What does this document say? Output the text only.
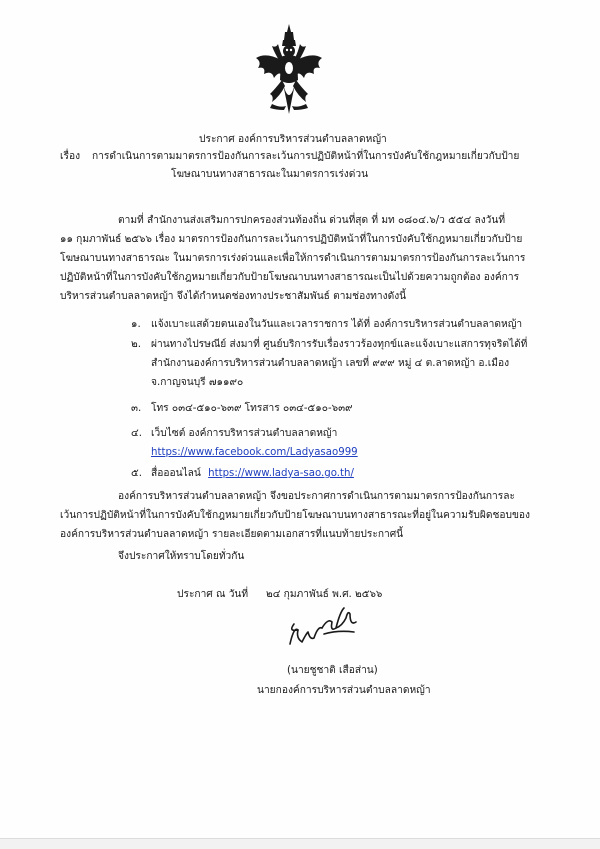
ประกาศ องค์การบริหารส่วนตำบลลาดหญ้า
เรื่อง การดำเนินการตามมาตรการป้องกันการละเว้นการปฏิบัติหน้าที่ในการบังคับใช้กฎหมายเกี่ยวกับป้าย
โฆษณาบนทางสาธารณะในมาตรการเร่งด่วน
ตามที่ สำนักงานส่งเสริมการปกครองส่วนท้องถิ่น ด่วนที่สุด ที่ มท ๐๘๐๔.๖/ว ๕๕๔ ลงวันที่
๑๑ กุมภาพันธ์ ๒๕๖๖ เรื่อง มาตรการป้องกันการละเว้นการปฏิบัติหน้าที่ในการบังคับใช้กฎหมายเกี่ยวกับป้าย
โฆษณาบนทางสาธารณะ ในมาตรการเร่งด่วนและเพื่อให้การดำเนินการตามมาตรการป้องกันการละเว้นการ
ปฏิบัติหน้าที่ในการบังคับใช้กฎหมายเกี่ยวกับป้ายโฆษณาบนทางสาธารณะเป็นไปด้วยความถูกต้อง องค์การ
บริหารส่วนตำบลลาดหญ้า จึงได้กำหนดช่องทางประชาสัมพันธ์ ตามช่องทางดังนี้
๑. แจ้งเบาะแสด้วยตนเองในวันและเวลาราชการ ได้ที่ องค์การบริหารส่วนตำบลลาดหญ้า
๒. ผ่านทางไปรษณีย์ ส่งมาที่ ศูนย์บริการรับเรื่องราวร้องทุกข์และแจ้งเบาะแสการทุจริตได้ที่
สำนักงานองค์การบริหารส่วนตำบลลาดหญ้า เลขที่ ๙๙๙ หมู่ ๔ ต.ลาดหญ้า อ.เมือง
จ.กาญจนบุรี ๗๑๑๙๐
๓. โทร ๐๓๔-๕๑๐-๖๓๙ โทรสาร ๐๓๔-๕๑๐-๖๓๙
๔. เว็บไซต์ องค์การบริหารส่วนตำบลลาดหญ้า
https://www.facebook.com/Ladyasao999
๕. สื่อออนไลน์ https://www.ladya-sao.go.th/
องค์การบริหารส่วนตำบลลาดหญ้า จึงขอประกาศการดำเนินการตามมาตรการป้องกันการละ
เว้นการปฏิบัติหน้าที่ในการบังคับใช้กฎหมายเกี่ยวกับป้ายโฆษณาบนทางสาธารณะที่อยู่ในความรับผิดชอบของ
องค์การบริหารส่วนตำบลลาดหญ้า รายละเอียดตามเอกสารที่แนบท้ายประกาศนี้
จึงประกาศให้ทราบโดยทั่วกัน
ประกาศ ณ วันที่ ๒๔ กุมภาพันธ์ พ.ศ. ๒๕๖๖
(นายชูชาติ เสือส่าน)
นายกองค์การบริหารส่วนตำบลลาดหญ้า
